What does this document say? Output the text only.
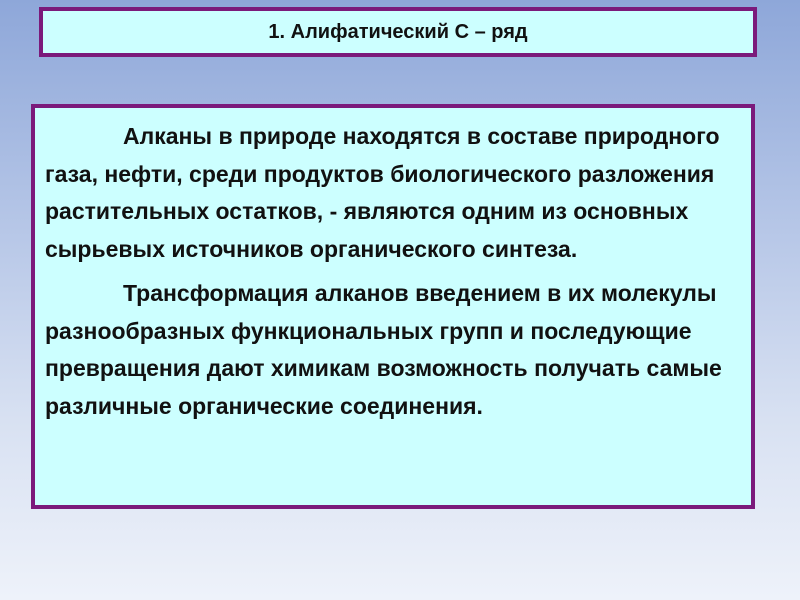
1. Алифатический С – ряд

Алканы в природе находятся в составе природного газа, нефти, среди продуктов биологического разложения растительных остатков, - являются одним из основных сырьевых источников органического синтеза.

Трансформация алканов введением в их молекулы разнообразных функциональных групп и последующие превращения дают химикам возможность получать самые различные органические соединения.
